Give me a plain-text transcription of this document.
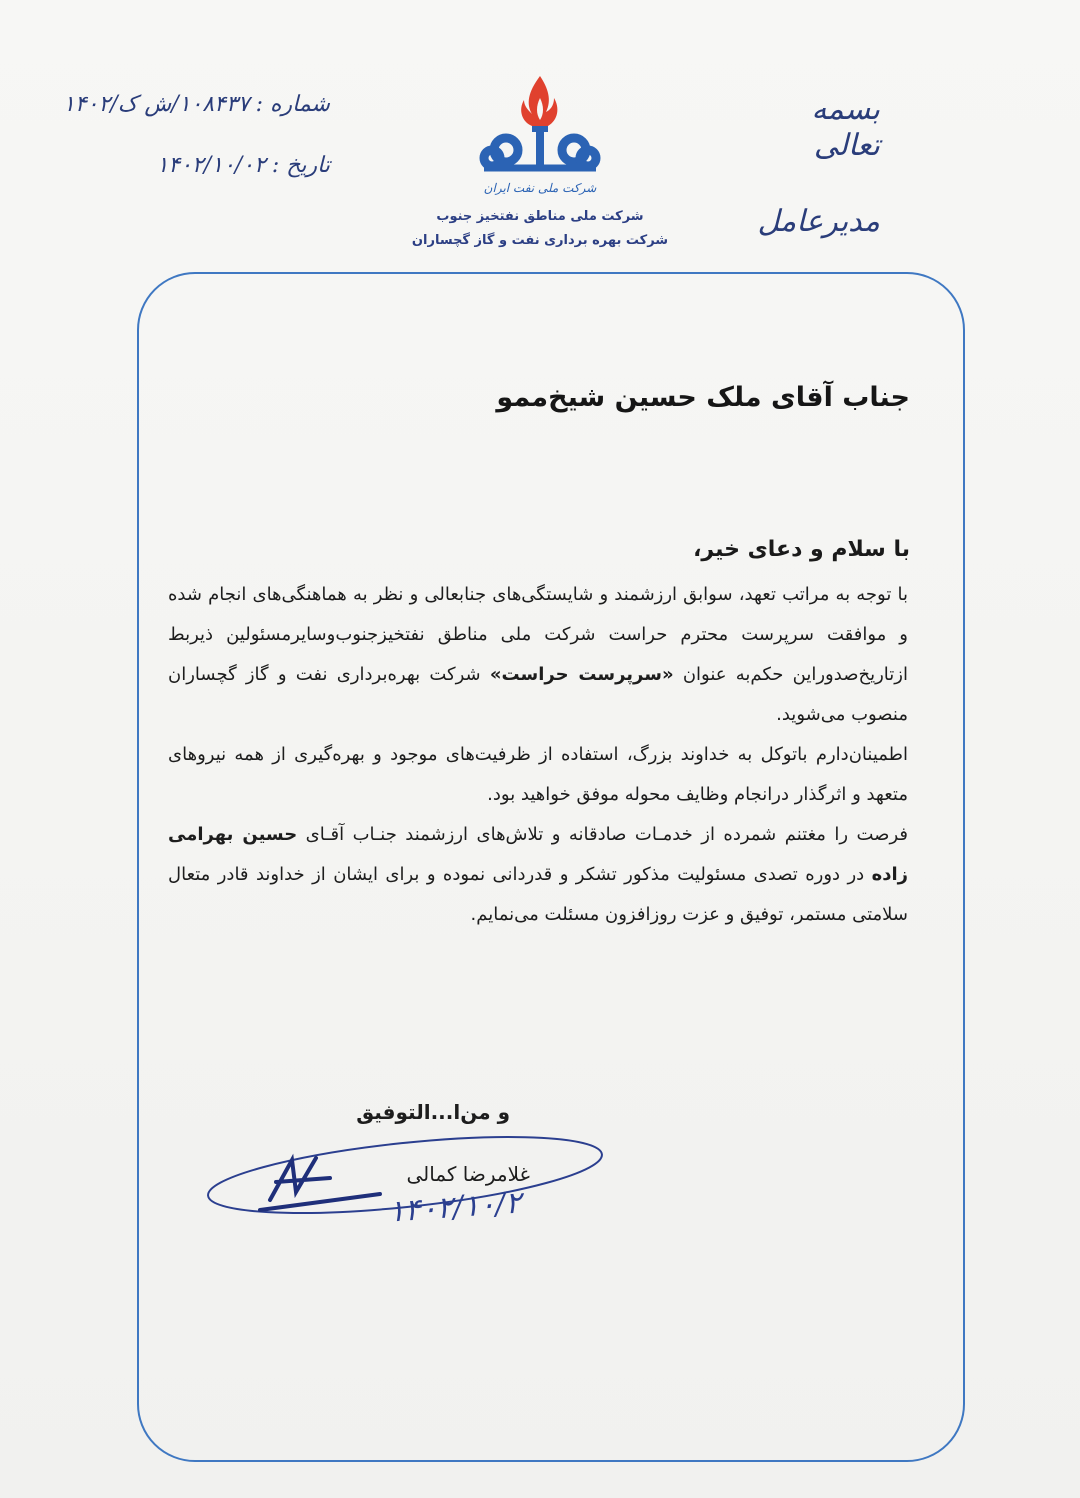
شماره :۱۰۸۴۳۷/ش ک/۱۴۰۲
تاریخ :۱۴۰۲/۱۰/۰۲
شرکت ملی نفت ایران
شرکت ملی مناطق نفتخیز جنوب
شرکت بهره برداری نفت و گاز گچساران
بسمه تعالی
مدیرعامل
جناب آقای ملک حسین شیخ‌ممو
با سلام و دعای خیر،

با توجه به مراتب تعهد، سوابق ارزشمند و شایستگی‌های جنابعالی و نظر به هماهنگی‌های انجام شده و موافقت سرپرست محترم حراست شرکت ملی مناطق نفتخیزجنوب‌وسایرمسئولین ذیربط ازتاریخ‌صدوراین حکم‌به عنوان «سرپرست حراست» شرکت بهره‌برداری نفت و گاز گچساران منصوب می‌شوید.

اطمینان‌دارم باتوکل به خداوند بزرگ، استفاده از ظرفیت‌های موجود و بهره‌گیری از همه نیروهای متعهد و اثرگذار درانجام وظایف محوله موفق خواهید بود.

فرصت را مغتنم شمرده از خدمـات صادقانه و تلاش‌های ارزشمند جنـاب آقـای حسین بهرامی زاده در دوره تصدی مسئولیت مذکور تشکر و قدردانی نموده و برای ایشان از خداوند قادر متعال سلامتی مستمر، توفیق و عزت روزافزون مسئلت می‌نمایم.

و من‌ا...التوفیق
غلامرضا کمالی
۱۴۰۲/۱۰/۲
